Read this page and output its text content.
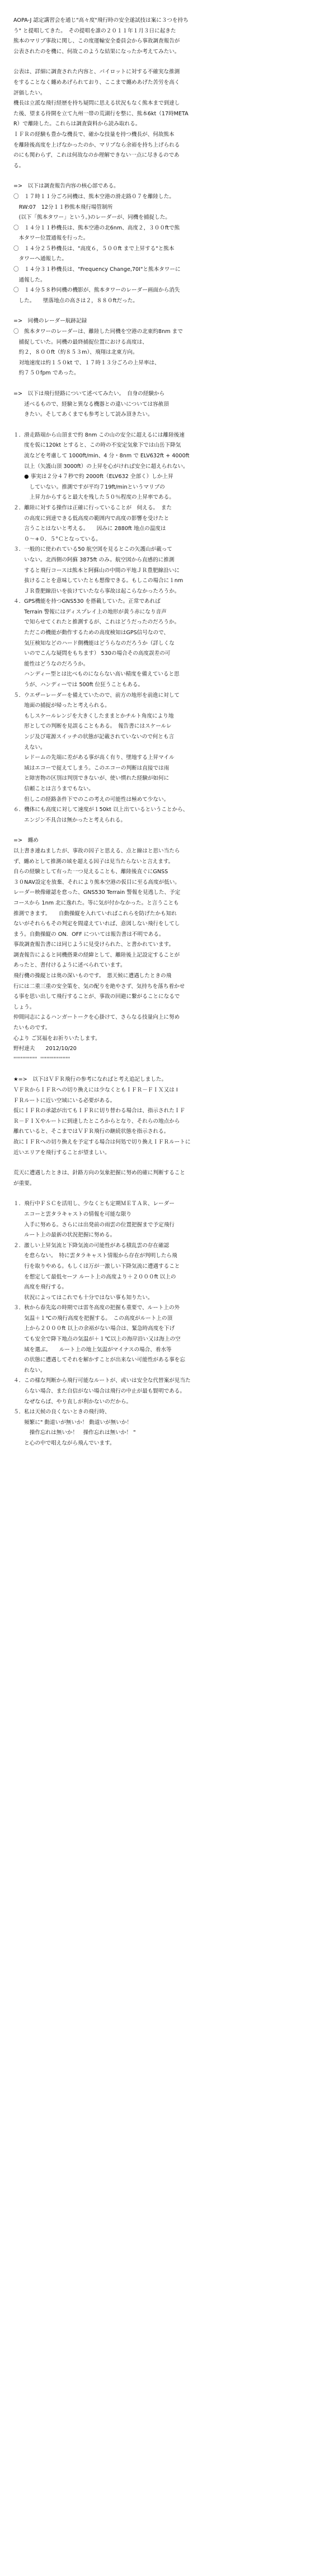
AOPA-J 認定講習会を通じ"高々度"飛行時の安全遂試技は案に３つを持ち
う" と提唱してきた。　その提唱を誰の２０１１年１月３日に起きた
熊本のマリブ事故に関し、この度運輸安全委員会から事故調査報告が
公表されたのを機に、何故このような結果になったか考えてみたい。
公表は、詳細に調査された内容と、パイロットに対する不確実な推測
をすることなく纏めあげられており、ここまで纏めあげた苦労を高く
評価したい。
機長は立派な飛行経歴を持ち疑問に思える状況もなく熊本まで到達し
た後、望まる待開を立て九州一帯の荒湖行を整に、熊本6kt（17時META
R）で離陸した。これらは調査資料から読み取れる。
ＩＦＲの経験も豊かな機長で、確かな技量を持つ機長が、何故熊本
を離陸後高度を上げなかったのか、マリブなら余裕を持ち上げられる
のにも関わらず、これは何故なのか理解できない一点に尽きるのであ
る。
=>　以下は調査報告内容の核心部である。
〇　１７時１１分ごろ同機は、熊本空港の滑走路０７を離陸した。
　RW:07　12分１１秒熊本飛行場管制所
　(以下「熊本タワー」という。)のレーダーが、同機を捕捉した。
〇　１４分１１秒機長は、熊本空港の北6nm、高度２，３００ftで熊
　本タワー位置通報を行った。
〇　１４分２５秒機長は、"高度６，５００ft まで上昇する"と熊本
　タワーへ通報した。
〇　１４分３１秒機長は、"Frequency Change,70I"と熊本タワーに
　通報した。
〇　１４分５８秒同機の機影が、熊本タワーのレーダー画面から消失
　した。　　墜落地点の高さは２，８８０ftだった。
=>　同機のレーダー航跡記録
〇　熊本タワーのレーダーは、離陸した同機を空港の北東約8nm まで
　捕捉していた。同機の最終捕捉位置における高度は、
　約２，８００ft（約８５３m）、飛翔は北東方向。
　対地速度は約１５０kt で、１７時１３分ごろの上昇率は、
　約７５０fpm であった。
=>　以下は飛行経路について述べてみたい。　自身の経験から
　　述べるもので、経験と異なる機器との違いについては容赦頂
　　きたい。そしてあくまでも参考として読み頂きたい。
１．滑走路端から山頂まで約 8nm この山の安全に超えるには離陸後速
　　度を仮に120kt とすると、この時の不安定気象下では山岳下降気
　　流などを考慮して 1000ft/min、4 分・8nm で ELV632ft + 4000ft
　　以上（矢護山頂 3000ft）の上昇を心がければ安全に超えられない。
　　● 事実は２分４７秒で約 2000ft（ELV632 全部く）しか上昇
　　　していない。推測ですが平均７19ft/minというマリブの
　　　上昇力からすると最大を残した５０％程度の上昇率である。
２．離陸に対する操作は正確に行っていることが　伺える。　また
　　の高度に到達できる低高度の範囲内で高度の影響を受けたと
　　言うことはないと考える。　　因みに 2880ft 地点の温度は
　　０～+０．５°Ｃとなっている。
３．一般的に使われている50 航空図を見るとこの矢護山が載って
　　いない。北西側の阿蘇 3875ft のみ。航空図から直感的に推測
　　すると飛行コースは熊本と阿蘇山の中間の平地ＪＲ豊肥線沿いに
　　抜けることを意味していたとも想像できる。もしこの場合に１nm
　　ＪＲ豊肥線沿いを抜けていたなら事故は起こらなかったろうか。
４．GPS機能を持つGNS530 を搭載していた。正常であれば
　　Terrain 警報にはディスプレイ上の地形が黄う赤になり音声
　　で知らせてくれたと推測するが、これはどうだったのだろうか。
　　ただこの機能が動作するための高度検知はGPS信号なので、
　　気圧検知などのハード側機能はどうらなのだろうか（詳しくな
　　いのでこんな疑問をもちます） 530の場合その高度誤差の可
　　能性はどうなのだろうか。
　　ハンディー型とは比べものにならない高い精度を備えていると思
　　うが、ハンディーでは 500ft 位狂うこともある。
５．ウエザーレーダーを備えていたので、前方の地形を前進に対して
　　地面の捕捉が帰ったと考えられる。
　　もしスケールレンジを大きくしたままとかチルト角度により地
　　形としての判断を見誤ることもある。　報告書にはスケールレ
　　ンジ及び電源スイッチの状態が記載されていないので何とも言
　　えない。
　　レドームの先端に差がある事が高く有り、墜地する上昇マイル
　　域はエコーで捉えてしまう。このエコーの判断は直接では雨
　　と障害物の区別は判別できないが、使い慣れた経験が如何に
　　信頼ことは言うまでもない。
　　但しこの経路条件下でのこの考えの可能性は極めて少ない。
６．機体にも高度に対して速度が１50kt 以上出ているということから、
　　エンジン不具合は無かったと考えられる。
=>　纏め
以上書き連ねましたが、事故の因子と思える、点と線はと思い当たら
ず、纏めとして推測の域を超える因子は見当たらないと言えます。
自らの経験として有った一つ見えることも、離陸後直ぐにGNSS
３０NAV設定を放棄、それにより熊本空港の仮目に至る高度が低い。
レーダー映像確認を怠った、GNS530 Terrain 警報を見逃した、予定
コースから 1nm 北に逸れた。等に気が付かなかった。と言うことも
推測できます。　　自動操縦を入れていればこれらを防げたかも知れ
ないがそれらもその判定を間違えていれば、意図しない飛行をしてし
まう。自動操縦の ON．OFF については報告書は不明である。
事故調査報告書には同じように見受けられた、と書かれています。
調査報告によると同機搭乗の経緯として、離陸後上記設定することが
あったと、書付けるように述べられています。
飛行機の操縦とは奥の深いものです。　悪天候に遭遇したときの飛
行には二重三重の安全策を、気の配りを絶やさず、気持ちを落ち着かせ
る事を思い出して飛行することが、事故の回避に繋がることになるで
しょう。
仲間同志によるハンガートークを心掛けて、さらなる技量向上に努め
たいものです。
心より ご冥福をお祈りいたします。
野村達夫　　2012/10/20
''''''''''''''''  ''''''''''''''''''''
★=>　以下はＶＦＲ飛行の参考になればと考え追記しました。
ＶＦＲからＩＦＲへの切り換えには少なくともＩＦＲ－ＦＩＸ又は I
ＦＲルートに近い空域にいる必要がある。
仮にＩＦＲの承認が出てもＩＦＲに切り替わる場合は、指示されたＩＦ
Ｒ－ＦＩＸやルートに到達したところからとなり、それらの地点から
離れていると、そこまではＶＦＲ飛行の継続状態を指示される。
故にＩＦＲへの切り換えを予定する場合は何処で切り換えＩＦＲルートに
近いエリアを飛行することが望ましい。
荒天に遭遇したときは、針路方向の気象把握に努め的確に判断すること
が重要。
１．飛行中ＦＳＣを活用し、少なくとも定期ＭＥＴＡＲ、レーダー
　　エコーと雲タラキャストの情報を可能な限り
　　入手に努める。さらには出発前の雨雲の位置把握まで予定飛行
　　ルート上の最新の状況把握に努める。
２．激しい上昇気流と下降気流の可能性がある積乱雲の存在確認
　　を怠らない。　特に雲タラキャスト情報から存在が判明したら飛
　　行を取りやめる。もしくは万が一激しい下降気流に遭遇すること
　　を想定して最低セーフ ルート上の高度より＋２０００ft 以上の
　　高度を飛行する。
　　状況によってはこれでも十分ではない事も知りたい。
３．秋から春先迄の時期では雷冬高度の把握も重要で、ルート上の外
　　気温＋１℃の飛行高度を把握する。　この高度がルート上の頂
　　上から２０００ft 以上の余裕がない場合は、緊急時高度を下げ
　　ても安全で降下地点の気温が＋１℃以上の海岸沿い又は海上の空
　　域を選ぶ。　　ルート上の地上気温がマイナスの場合、着水等
　　の状態に遭遇してそれを解かすことが出来ない可能性がある事を忘
　　れない。
４．この様な判断から飛行可能なルートが、或いは安全な代替案が見当た
　　らない場合、また自信がない場合は飛行の中止が最も賢明である。
　　なぜならば、やり直しが利かないのだから。
５．私は天候の良くないときの飛行時、
　　頻繁に" 動道いが無いか！ 動道いが無いか！
　　　操作忘れは無いか！　操作忘れは無いか！ "
　　と心の中で唱えながら飛んでいます。
